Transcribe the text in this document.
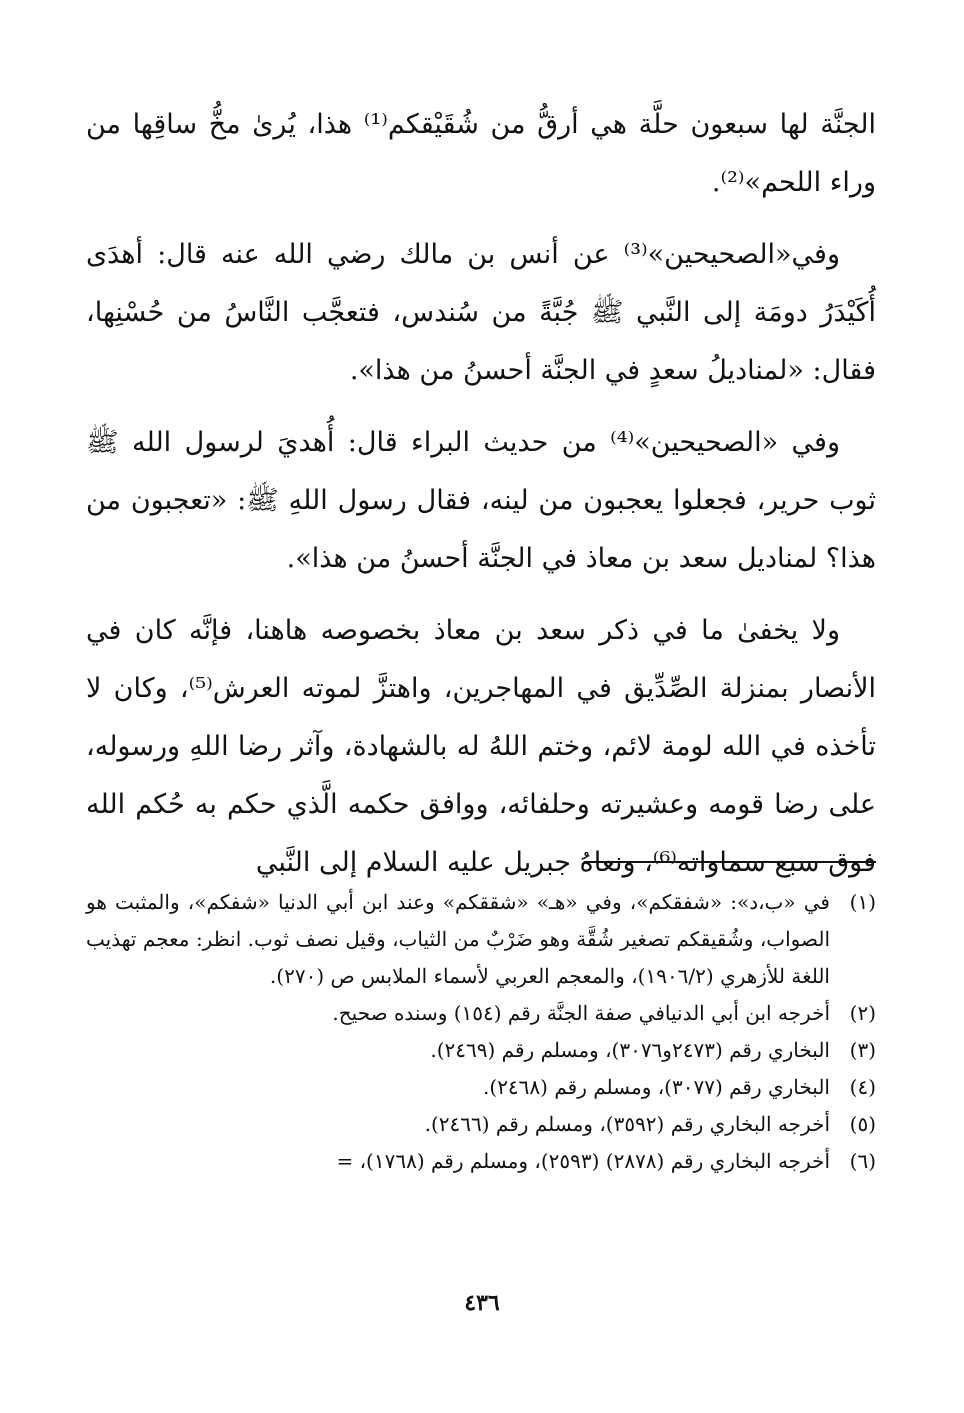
الجنَّة لها سبعون حلَّة هي أرقُّ من شُقَيْقكم⁽¹⁾ هذا، يُرىٰ مخُّ ساقِها من وراء اللحم»⁽²⁾.

وفي«الصحيحين»⁽³⁾ عن أنس بن مالك رضي الله عنه قال: أهدَى أُكَيْدَرُ دومَة إلى النَّبي ﷺ جُبَّةً من سُندس، فتعجَّب النَّاسُ من حُسْنِها، فقال: «لمناديلُ سعدٍ في الجنَّة أحسنُ من هذا».

وفي «الصحيحين»⁽⁴⁾ من حديث البراء قال: أُهديَ لرسول الله ﷺ ثوب حرير، فجعلوا يعجبون من لينه، فقال رسول اللهِ ﷺ: «تعجبون من هذا؟ لمناديل سعد بن معاذ في الجنَّة أحسنُ من هذا».

ولا يخفىٰ ما في ذكر سعد بن معاذ بخصوصه هاهنا، فإنَّه كان في الأنصار بمنزلة الصِّدِّيق في المهاجرين، واهتزَّ لموته العرش⁽⁵⁾، وكان لا تأخذه في الله لومة لائم، وختم اللهُ له بالشهادة، وآثر رضا اللهِ ورسوله، على رضا قومه وعشيرته وحلفائه، ووافق حكمه الَّذي حكم به حُكم الله فوق سبع سماواته⁽⁶⁾، ونعاهُ جبريل عليه السلام إلى النَّبي

(١)
في «ب،د»: «شفقكم»، وفي «هـ» «شققكم» وعند ابن أبي الدنيا «شفكم»، والمثبت هو الصواب، وشُقيقكم تصغير شُقَّة وهو ضَرْبٌ من الثياب، وقيل نصف ثوب. انظر: معجم تهذيب اللغة للأزهري (١٩٠٦/٢)، والمعجم العربي لأسماء الملابس ص (٢٧٠).
(٢)
أخرجه ابن أبي الدنيافي صفة الجنَّة رقم (١٥٤) وسنده صحيح.
(٣)
البخاري رقم (٢٤٧٣و٣٠٧٦)، ومسلم رقم (٢٤٦٩).
(٤)
البخاري رقم (٣٠٧٧)، ومسلم رقم (٢٤٦٨).
(٥)
أخرجه البخاري رقم (٣٥٩٢)، ومسلم رقم (٢٤٦٦).
(٦)
أخرجه البخاري رقم (٢٨٧٨) (٢٥٩٣)، ومسلم رقم (١٧٦٨)، =
٤٣٦
